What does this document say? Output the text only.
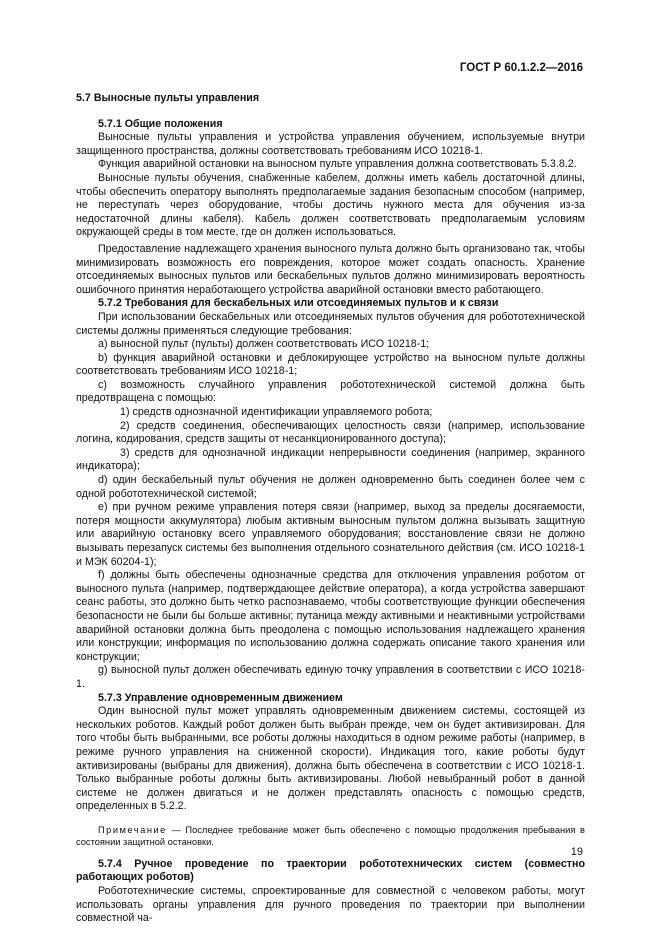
ГОСТ Р 60.1.2.2—2016
5.7 Выносные пульты управления
5.7.1 Общие положения

Выносные пульты управления и устройства управления обучением, используемые внутри защищенного пространства, должны соответствовать требованиям ИСО 10218-1.

Функция аварийной остановки на выносном пульте управления должна соответствовать 5.3.8.2.

Выносные пульты обучения, снабженные кабелем, должны иметь кабель достаточной длины, чтобы обеспечить оператору выполнять предполагаемые задания безопасным способом (например, не переступать через оборудование, чтобы достичь нужного места для обучения из-за недостаточной длины кабеля). Кабель должен соответствовать предполагаемым условиям окружающей среды в том месте, где он должен использоваться.

Предоставление надлежащего хранения выносного пульта должно быть организовано так, чтобы минимизировать возможность его повреждения, которое может создать опасность. Хранение отсоединяемых выносных пультов или бескабельных пультов должно минимизировать вероятность ошибочного принятия неработающего устройства аварийной остановки вместо работающего.

5.7.2 Требования для бескабельных или отсоединяемых пультов и к связи

При использовании бескабельных или отсоединяемых пультов обучения для робототехнической системы должны применяться следующие требования:

а) выносной пульт (пульты) должен соответствовать ИСО 10218-1;

b) функция аварийной остановки и деблокирующее устройство на выносном пульте должны соответствовать требованиям ИСО 10218-1;

с) возможность случайного управления робототехнической системой должна быть предотвращена с помощью:

1) средств однозначной идентификации управляемого робота;

2) средств соединения, обеспечивающих целостность связи (например, использование логина, кодирования, средств защиты от несанкционированного доступа);

3) средств для однозначной индикации непрерывности соединения (например, экранного индикатора);

d) один бескабельный пульт обучения не должен одновременно быть соединен более чем с одной робототехнической системой;

е) при ручном режиме управления потеря связи (например, выход за пределы досягаемости, потеря мощности аккумулятора) любым активным выносным пультом должна вызывать защитную или аварийную остановку всего управляемого оборудования; восстановление связи не должно вызывать перезапуск системы без выполнения отдельного сознательного действия (см. ИСО 10218-1 и МЭК 60204-1);

f) должны быть обеспечены однозначные средства для отключения управления роботом от выносного пульта (например, подтверждающее действие оператора), а когда устройства завершают сеанс работы, это должно быть четко распознаваемо, чтобы соответствующие функции обеспечения безопасности не были бы больше активны; путаница между активными и неактивными устройствами аварийной остановки должна быть преодолена с помощью использования надлежащего хранения или конструкции; информация по использованию должна содержать описание такого хранения или конструкции;

g) выносной пульт должен обеспечивать единую точку управления в соответствии с ИСО 10218-1.

5.7.3 Управление одновременным движением

Один выносной пульт может управлять одновременным движением системы, состоящей из нескольких роботов. Каждый робот должен быть выбран прежде, чем он будет активизирован. Для того чтобы быть выбранными, все роботы должны находиться в одном режиме работы (например, в режиме ручного управления на сниженной скорости). Индикация того, какие роботы будут активизированы (выбраны для движения), должна быть обеспечена в соответствии с ИСО 10218-1. Только выбранные роботы должны быть активизированы. Любой невыбранный робот в данной системе не должен двигаться и не должен представлять опасность с помощью средств, определенных в 5.2.2.

Примечание — Последнее требование может быть обеспечено с помощью продолжения пребывания в состоянии защитной остановки.

5.7.4 Ручное проведение по траектории робототехнических систем (совместно работающих роботов)

Робототехнические системы, спроектированные для совместной с человеком работы, могут использовать органы управления для ручного проведения по траектории при выполнении совместной ча-

19
